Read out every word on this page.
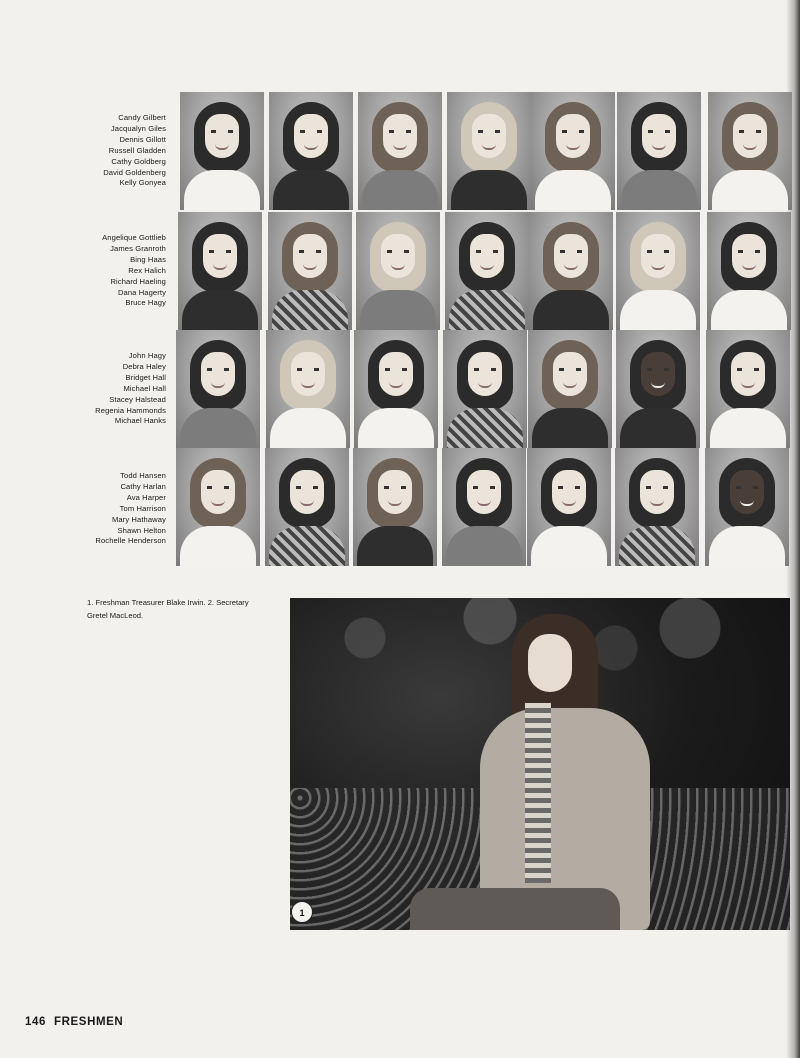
Candy Gilbert
Jacqualyn Giles
Dennis Gillott
Russell Gladden
Cathy Goldberg
David Goldenberg
Kelly Gonyea
Angelique Gottlieb
James Granroth
Bing Haas
Rex Halich
Richard Haeling
Dana Hagerty
Bruce Hagy
John Hagy
Debra Haley
Bridget Hall
Michael Hall
Stacey Halstead
Regenia Hammonds
Michael Hanks
Todd Hansen
Cathy Harlan
Ava Harper
Tom Harrison
Mary Hathaway
Shawn Helton
Rochelle Henderson
1. Freshman Treasurer Blake Irwin. 2. Secretary Gretel MacLeod.
1
146 FRESHMEN
